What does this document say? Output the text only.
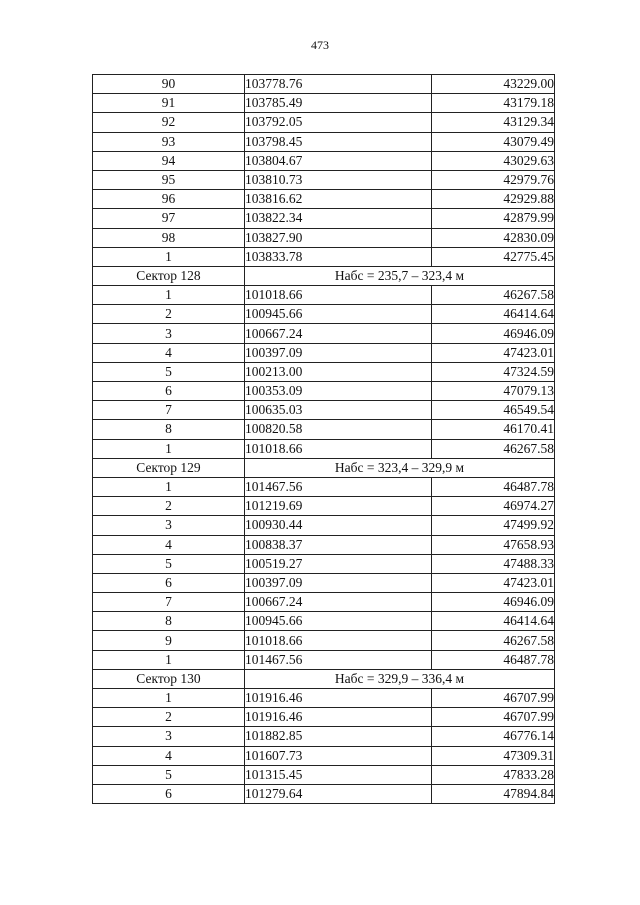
473
90	103778.76	43229.00
91	103785.49	43179.18
92	103792.05	43129.34
93	103798.45	43079.49
94	103804.67	43029.63
95	103810.73	42979.76
96	103816.62	42929.88
97	103822.34	42879.99
98	103827.90	42830.09
1	103833.78	42775.45
Сектор 128	Набс = 235,7 – 323,4 м	
1	101018.66	46267.58
2	100945.66	46414.64
3	100667.24	46946.09
4	100397.09	47423.01
5	100213.00	47324.59
6	100353.09	47079.13
7	100635.03	46549.54
8	100820.58	46170.41
1	101018.66	46267.58
Сектор 129	Набс = 323,4 – 329,9 м	
1	101467.56	46487.78
2	101219.69	46974.27
3	100930.44	47499.92
4	100838.37	47658.93
5	100519.27	47488.33
6	100397.09	47423.01
7	100667.24	46946.09
8	100945.66	46414.64
9	101018.66	46267.58
1	101467.56	46487.78
Сектор 130	Набс = 329,9 – 336,4 м	
1	101916.46	46707.99
2	101916.46	46707.99
3	101882.85	46776.14
4	101607.73	47309.31
5	101315.45	47833.28
6	101279.64	47894.84
